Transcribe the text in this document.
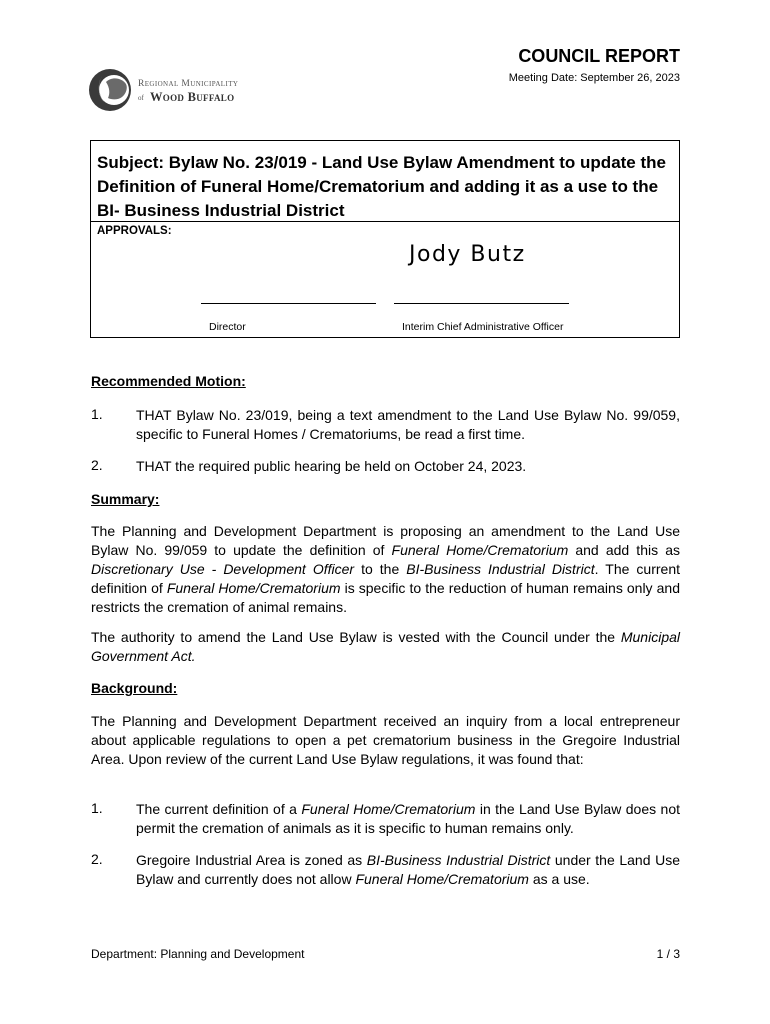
Regional Municipality
of Wood Buffalo
COUNCIL REPORT
Meeting Date: September 26, 2023
Subject: Bylaw No. 23/019 - Land Use Bylaw Amendment to update the Definition of Funeral Home/Crematorium and adding it as a use to the BI- Business Industrial District
APPROVALS:
Jody Butz
Director	Interim Chief Administrative Officer
Recommended Motion:
1. THAT Bylaw No. 23/019, being a text amendment to the Land Use Bylaw No. 99/059, specific to Funeral Homes / Crematoriums, be read a first time.
2. THAT the required public hearing be held on October 24, 2023.
Summary:
The Planning and Development Department is proposing an amendment to the Land Use Bylaw No. 99/059 to update the definition of Funeral Home/Crematorium and add this as Discretionary Use - Development Officer to the BI-Business Industrial District. The current definition of Funeral Home/Crematorium is specific to the reduction of human remains only and restricts the cremation of animal remains.
The authority to amend the Land Use Bylaw is vested with the Council under the Municipal Government Act.
Background:
The Planning and Development Department received an inquiry from a local entrepreneur about applicable regulations to open a pet crematorium business in the Gregoire Industrial Area. Upon review of the current Land Use Bylaw regulations, it was found that:
1. The current definition of a Funeral Home/Crematorium in the Land Use Bylaw does not permit the cremation of animals as it is specific to human remains only.
2. Gregoire Industrial Area is zoned as BI-Business Industrial District under the Land Use Bylaw and currently does not allow Funeral Home/Crematorium as a use.
Department: Planning and Development	1 / 3
